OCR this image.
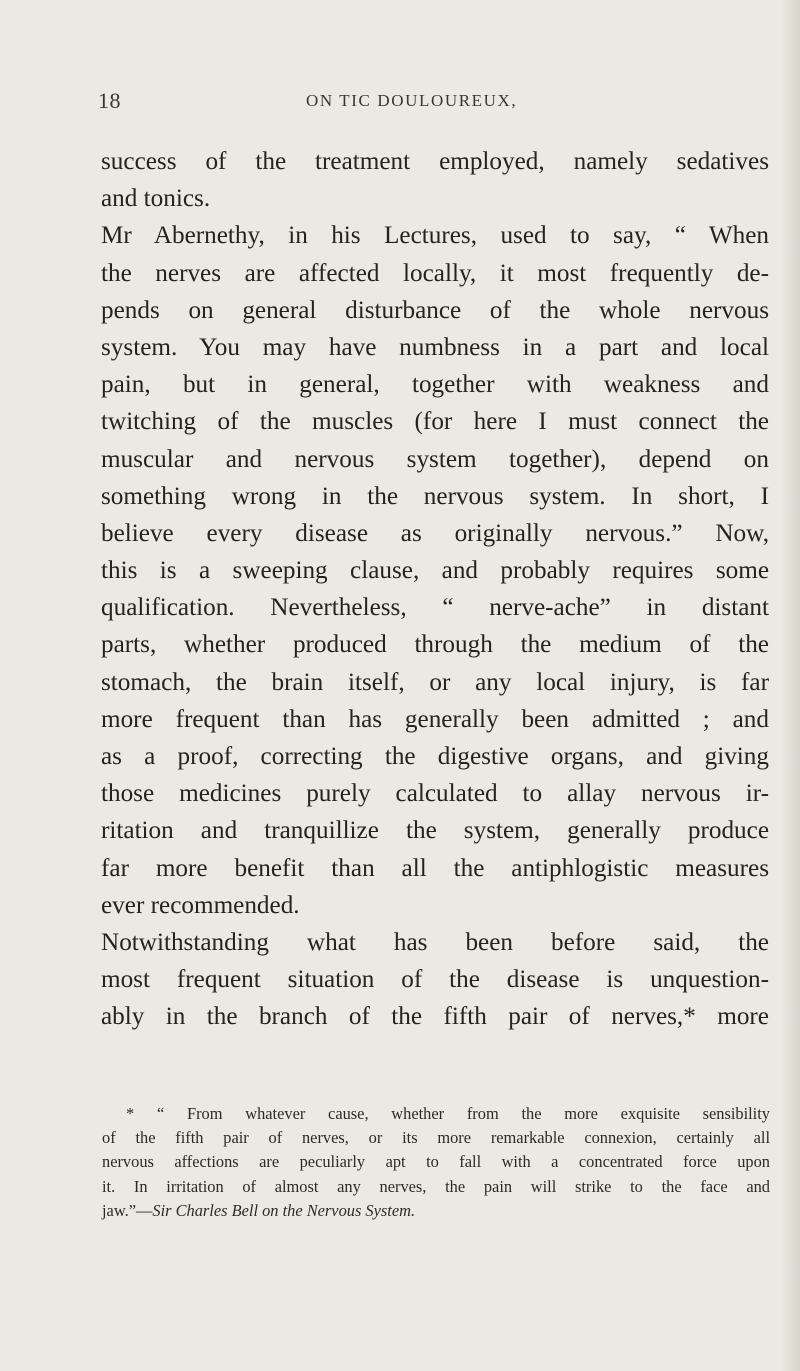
18	ON TIC DOULOUREUX,
success of the treatment employed, namely sedatives
and tonics.
Mr Abernethy, in his Lectures, used to say, “ When
the nerves are affected locally, it most frequently de-
pends on general disturbance of the whole nervous
system. You may have numbness in a part and local
pain, but in general, together with weakness and
twitching of the muscles (for here I must connect the
muscular and nervous system together), depend on
something wrong in the nervous system. In short, I
believe every disease as originally nervous.” Now,
this is a sweeping clause, and probably requires some
qualification. Nevertheless, “ nerve-ache” in distant
parts, whether produced through the medium of the
stomach, the brain itself, or any local injury, is far
more frequent than has generally been admitted ; and
as a proof, correcting the digestive organs, and giving
those medicines purely calculated to allay nervous ir-
ritation and tranquillize the system, generally produce
far more benefit than all the antiphlogistic measures
ever recommended.
Notwithstanding what has been before said, the
most frequent situation of the disease is unquestion-
ably in the branch of the fifth pair of nerves,* more
* “ From whatever cause, whether from the more exquisite sensibility
of the fifth pair of nerves, or its more remarkable connexion, certainly all
nervous affections are peculiarly apt to fall with a concentrated force upon
it. In irritation of almost any nerves, the pain will strike to the face and
jaw.”—Sir Charles Bell on the Nervous System.
